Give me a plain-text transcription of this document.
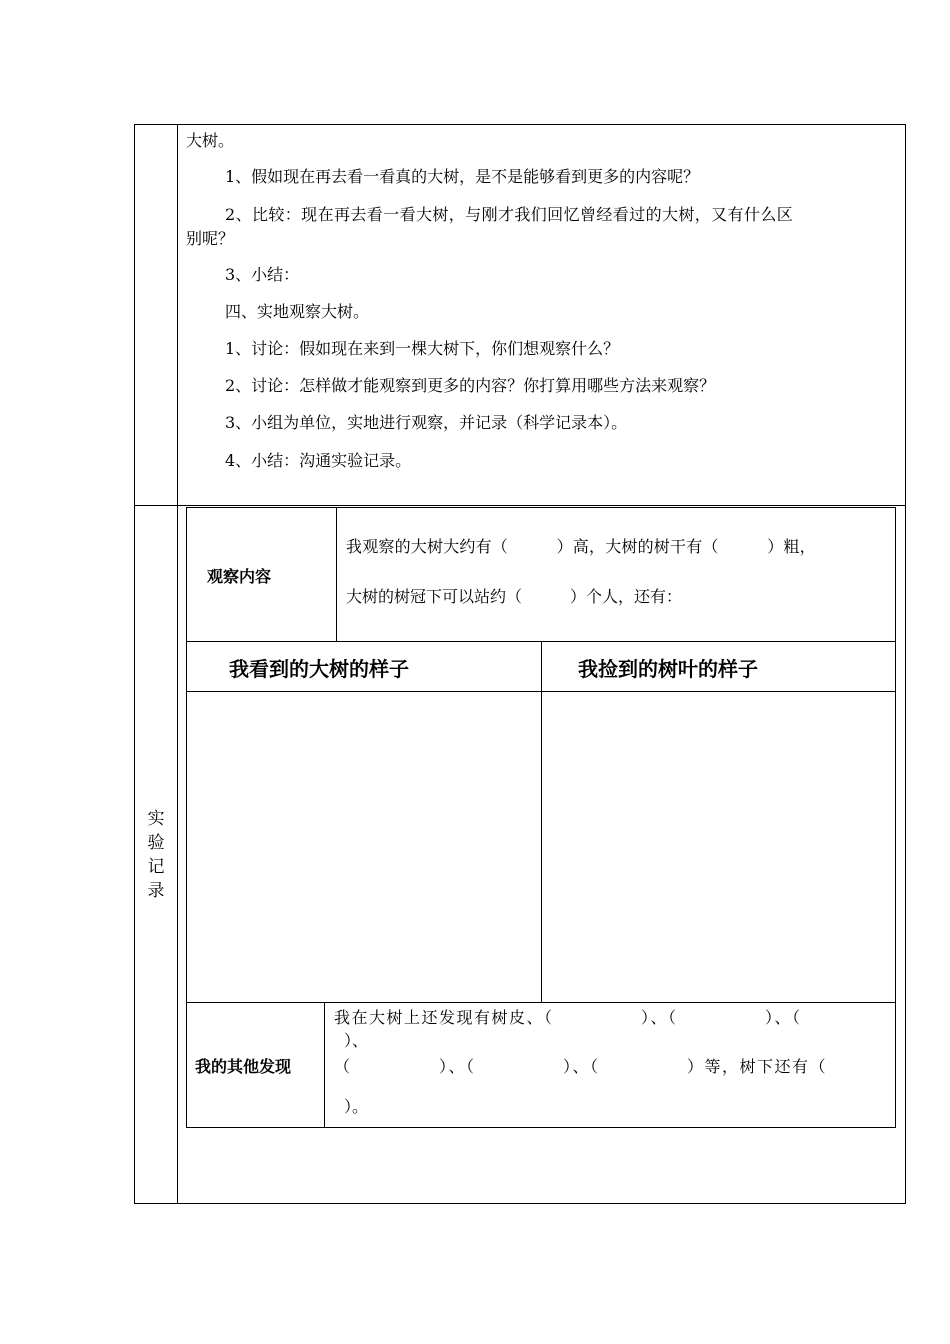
大树。
1、假如现在再去看一看真的大树，是不是能够看到更多的内容呢？
2、比较：现在再去看一看大树，与刚才我们回忆曾经看过的大树，又有什么区
别呢？
3、小结：
四、实地观察大树。
1、讨论：假如现在来到一棵大树下，你们想观察什么？
2、讨论：怎样做才能观察到更多的内容？你打算用哪些方法来观察？
3、小组为单位，实地进行观察，并记录（科学记录本）。
4、小结：沟通实验记录。
实
验
记
录
观察内容
我观察的大树大约有（　　　）高，大树的树干有（　　　）粗，
大树的树冠下可以站约（　　　）个人，还有：
我看到的大树的样子	我捡到的树叶的样子
我的其他发现
我在大树上还发现有树皮、（　　　　　）、（　　　　　）、（
）、
（　　　　　）、（　　　　　）、（　　　　　）等，树下还有（
）。
